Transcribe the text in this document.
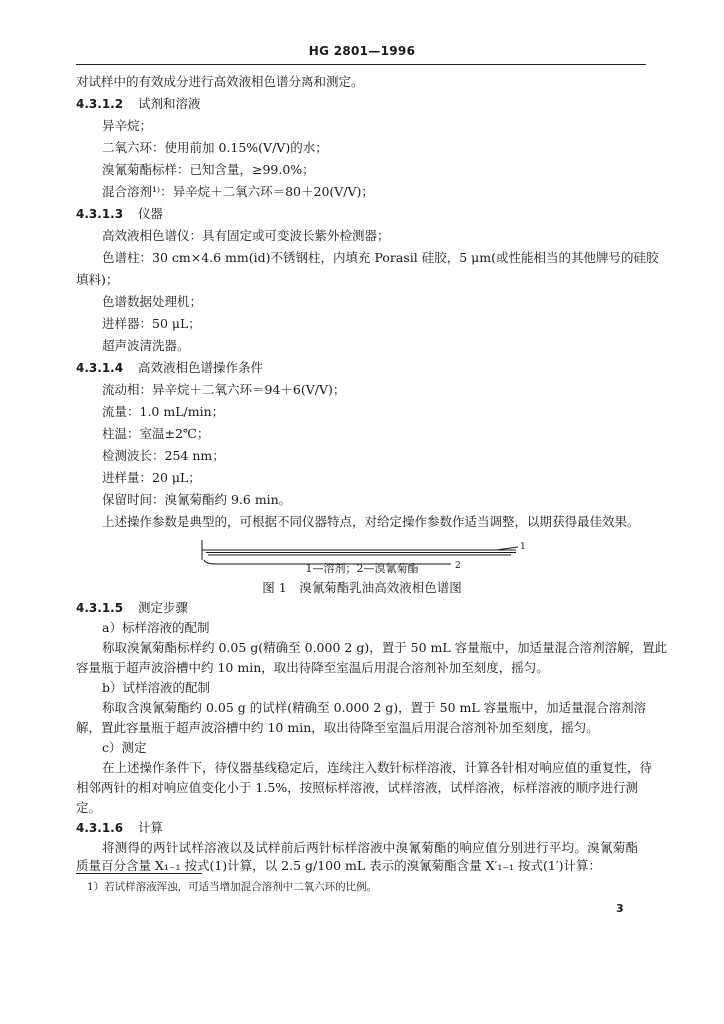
HG 2801—1996
对试样中的有效成分进行高效液相色谱分离和测定。
4.3.1.2 试剂和溶液
异辛烷；
二氧六环：使用前加 0.15%(V/V)的水；
溴氰菊酯标样：已知含量，≥99.0%；
混合溶剂¹⁾：异辛烷＋二氧六环＝80＋20(V/V)；
4.3.1.3 仪器
高效液相色谱仪：具有固定或可变波长紫外检测器；
色谱柱：30 cm×4.6 mm(id)不锈钢柱，内填充 Porasil 硅胶，5 μm(或性能相当的其他牌号的硅胶
填料)；
色谱数据处理机；
进样器：50 μL；
超声波清洗器。
4.3.1.4 高效液相色谱操作条件
流动相：异辛烷＋二氧六环＝94＋6(V/V)；
流量：1.0 mL/min；
柱温：室温±2℃；
检测波长：254 nm；
进样量：20 μL；
保留时间：溴氰菊酯约 9.6 min。
上述操作参数是典型的，可根据不同仪器特点，对给定操作参数作适当调整，以期获得最佳效果。
1
2
1—溶剂；2—溴氰菊酯
图 1　溴氰菊酯乳油高效液相色谱图
4.3.1.5 测定步骤
a）标样溶液的配制
称取溴氰菊酯标样约 0.05 g(精确至 0.000 2 g)，置于 50 mL 容量瓶中，加适量混合溶剂溶解，置此
容量瓶于超声波浴槽中约 10 min，取出待降至室温后用混合溶剂补加至刻度，摇匀。
b）试样溶液的配制
称取含溴氰菊酯约 0.05 g 的试样(精确至 0.000 2 g)，置于 50 mL 容量瓶中，加适量混合溶剂溶
解，置此容量瓶于超声波浴槽中约 10 min，取出待降至室温后用混合溶剂补加至刻度，摇匀。
c）测定
在上述操作条件下，待仪器基线稳定后，连续注入数针标样溶液，计算各针相对响应值的重复性，待
相邻两针的相对响应值变化小于 1.5%，按照标样溶液，试样溶液，试样溶液，标样溶液的顺序进行测
定。
4.3.1.6 计算
将测得的两针试样溶液以及试样前后两针标样溶液中溴氰菊酯的响应值分别进行平均。溴氰菊酯
质量百分含量 X₁₋₁ 按式(1)计算，以 2.5 g/100 mL 表示的溴氰菊酯含量 X′₁₋₁ 按式(1′)计算：
1）若试样溶液浑浊，可适当增加混合溶剂中二氧六环的比例。
3
